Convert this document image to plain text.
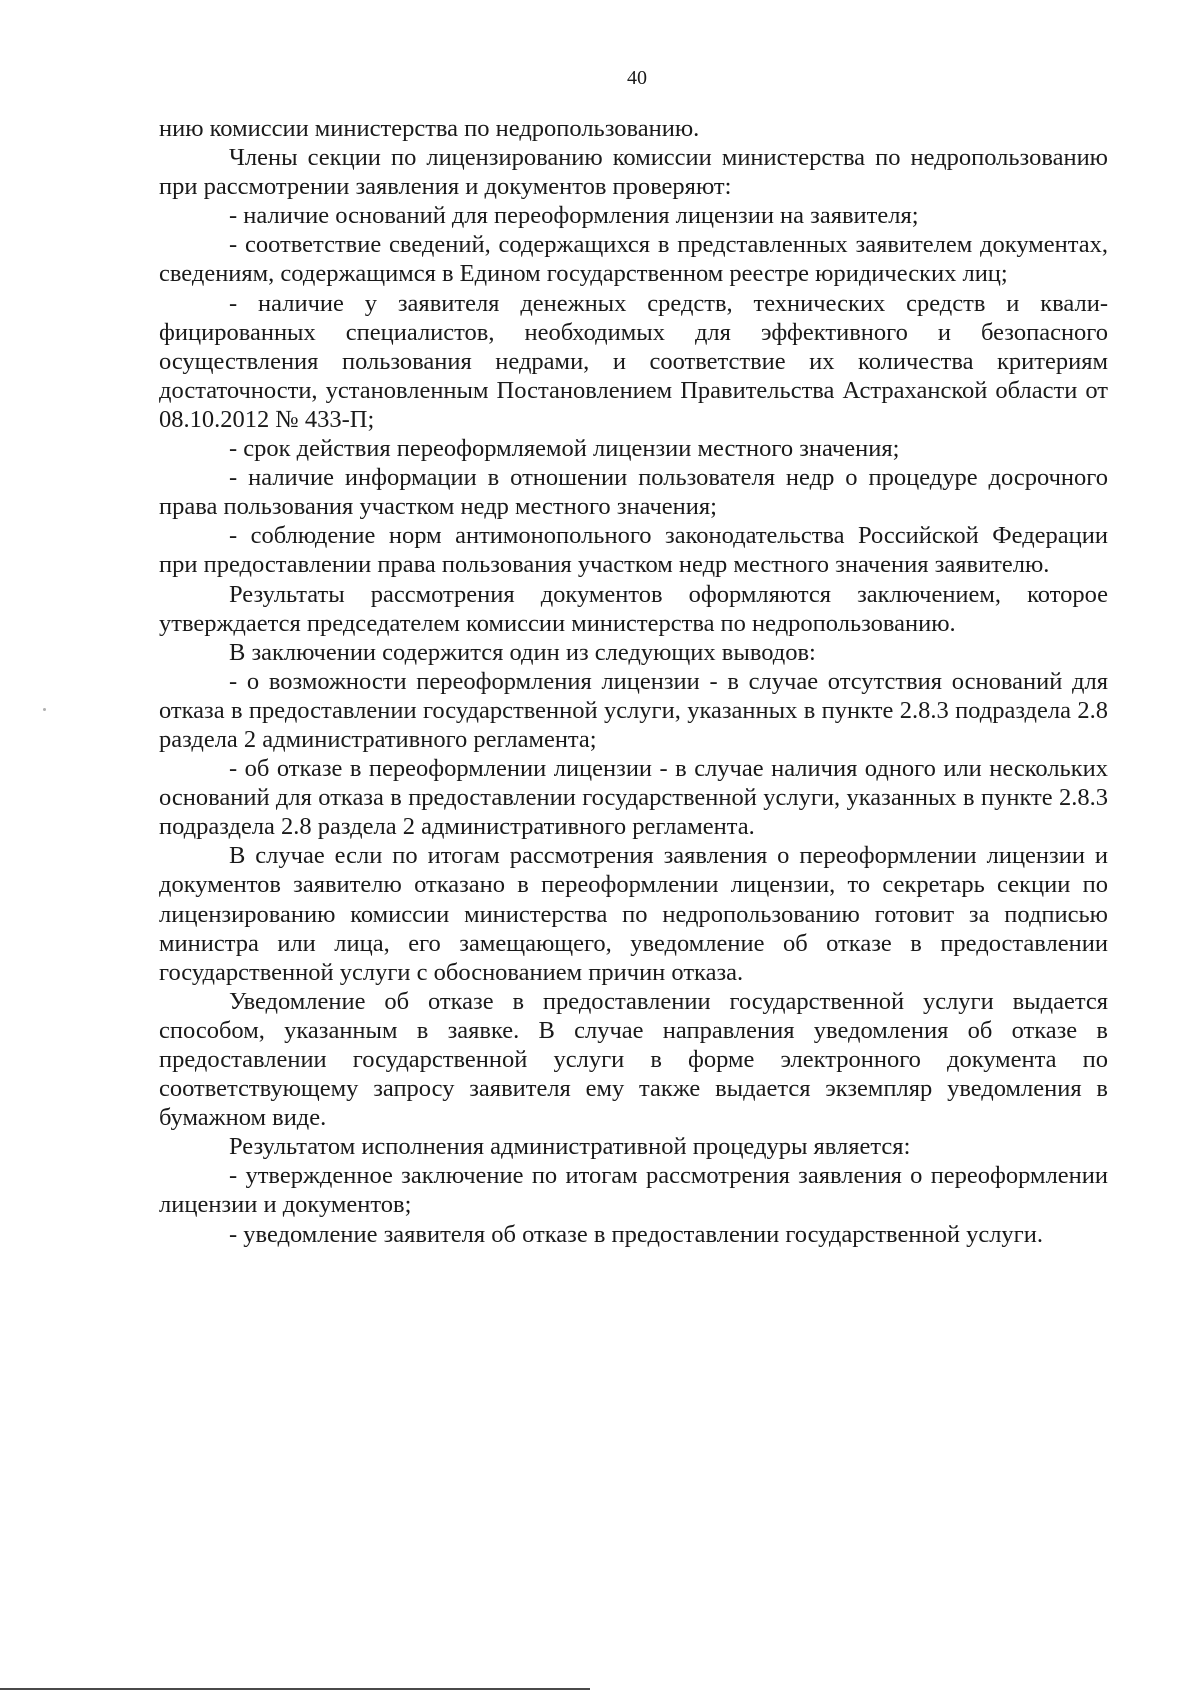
40

нию комиссии министерства по недропользованию.

Члены секции по лицензированию комиссии министерства по недропользованию при рассмотрении заявления и документов проверяют:

- наличие оснований для переоформления лицензии на заявителя;

- соответствие сведений, содержащихся в представленных заявителем документах, сведениям, содержащимся в Едином государственном реестре юридических лиц;

- наличие у заявителя денежных средств, технических средств и квалифицированных специалистов, необходимых для эффективного и безопасного осуществления пользования недрами, и соответствие их количества критериям достаточности, установленным Постановлением Правительства Астраханской области от 08.10.2012 № 433-П;

- срок действия переоформляемой лицензии местного значения;

- наличие информации в отношении пользователя недр о процедуре досрочного права пользования участком недр местного значения;

- соблюдение норм антимонопольного законодательства Российской Федерации при предоставлении права пользования участком недр местного значения заявителю.

Результаты рассмотрения документов оформляются заключением, которое утверждается председателем комиссии министерства по недропользованию.

В заключении содержится один из следующих выводов:

- о возможности переоформления лицензии - в случае отсутствия оснований для отказа в предоставлении государственной услуги, указанных в пункте 2.8.3 подраздела 2.8 раздела 2 административного регламента;

- об отказе в переоформлении лицензии - в случае наличия одного или нескольких оснований для отказа в предоставлении государственной услуги, указанных в пункте 2.8.3 подраздела 2.8 раздела 2 административного регламента.

В случае если по итогам рассмотрения заявления о переоформлении лицензии и документов заявителю отказано в переоформлении лицензии, то секретарь секции по лицензированию комиссии министерства по недропользованию готовит за подписью министра или лица, его замещающего, уведомление об отказе в предоставлении государственной услуги с обоснованием причин отказа.

Уведомление об отказе в предоставлении государственной услуги выдается способом, указанным в заявке. В случае направления уведомления об отказе в предоставлении государственной услуги в форме электронного документа по соответствующему запросу заявителя ему также выдается экземпляр уведомления в бумажном виде.

Результатом исполнения административной процедуры является:

- утвержденное заключение по итогам рассмотрения заявления о переоформлении лицензии и документов;

- уведомление заявителя об отказе в предоставлении государственной услуги.
